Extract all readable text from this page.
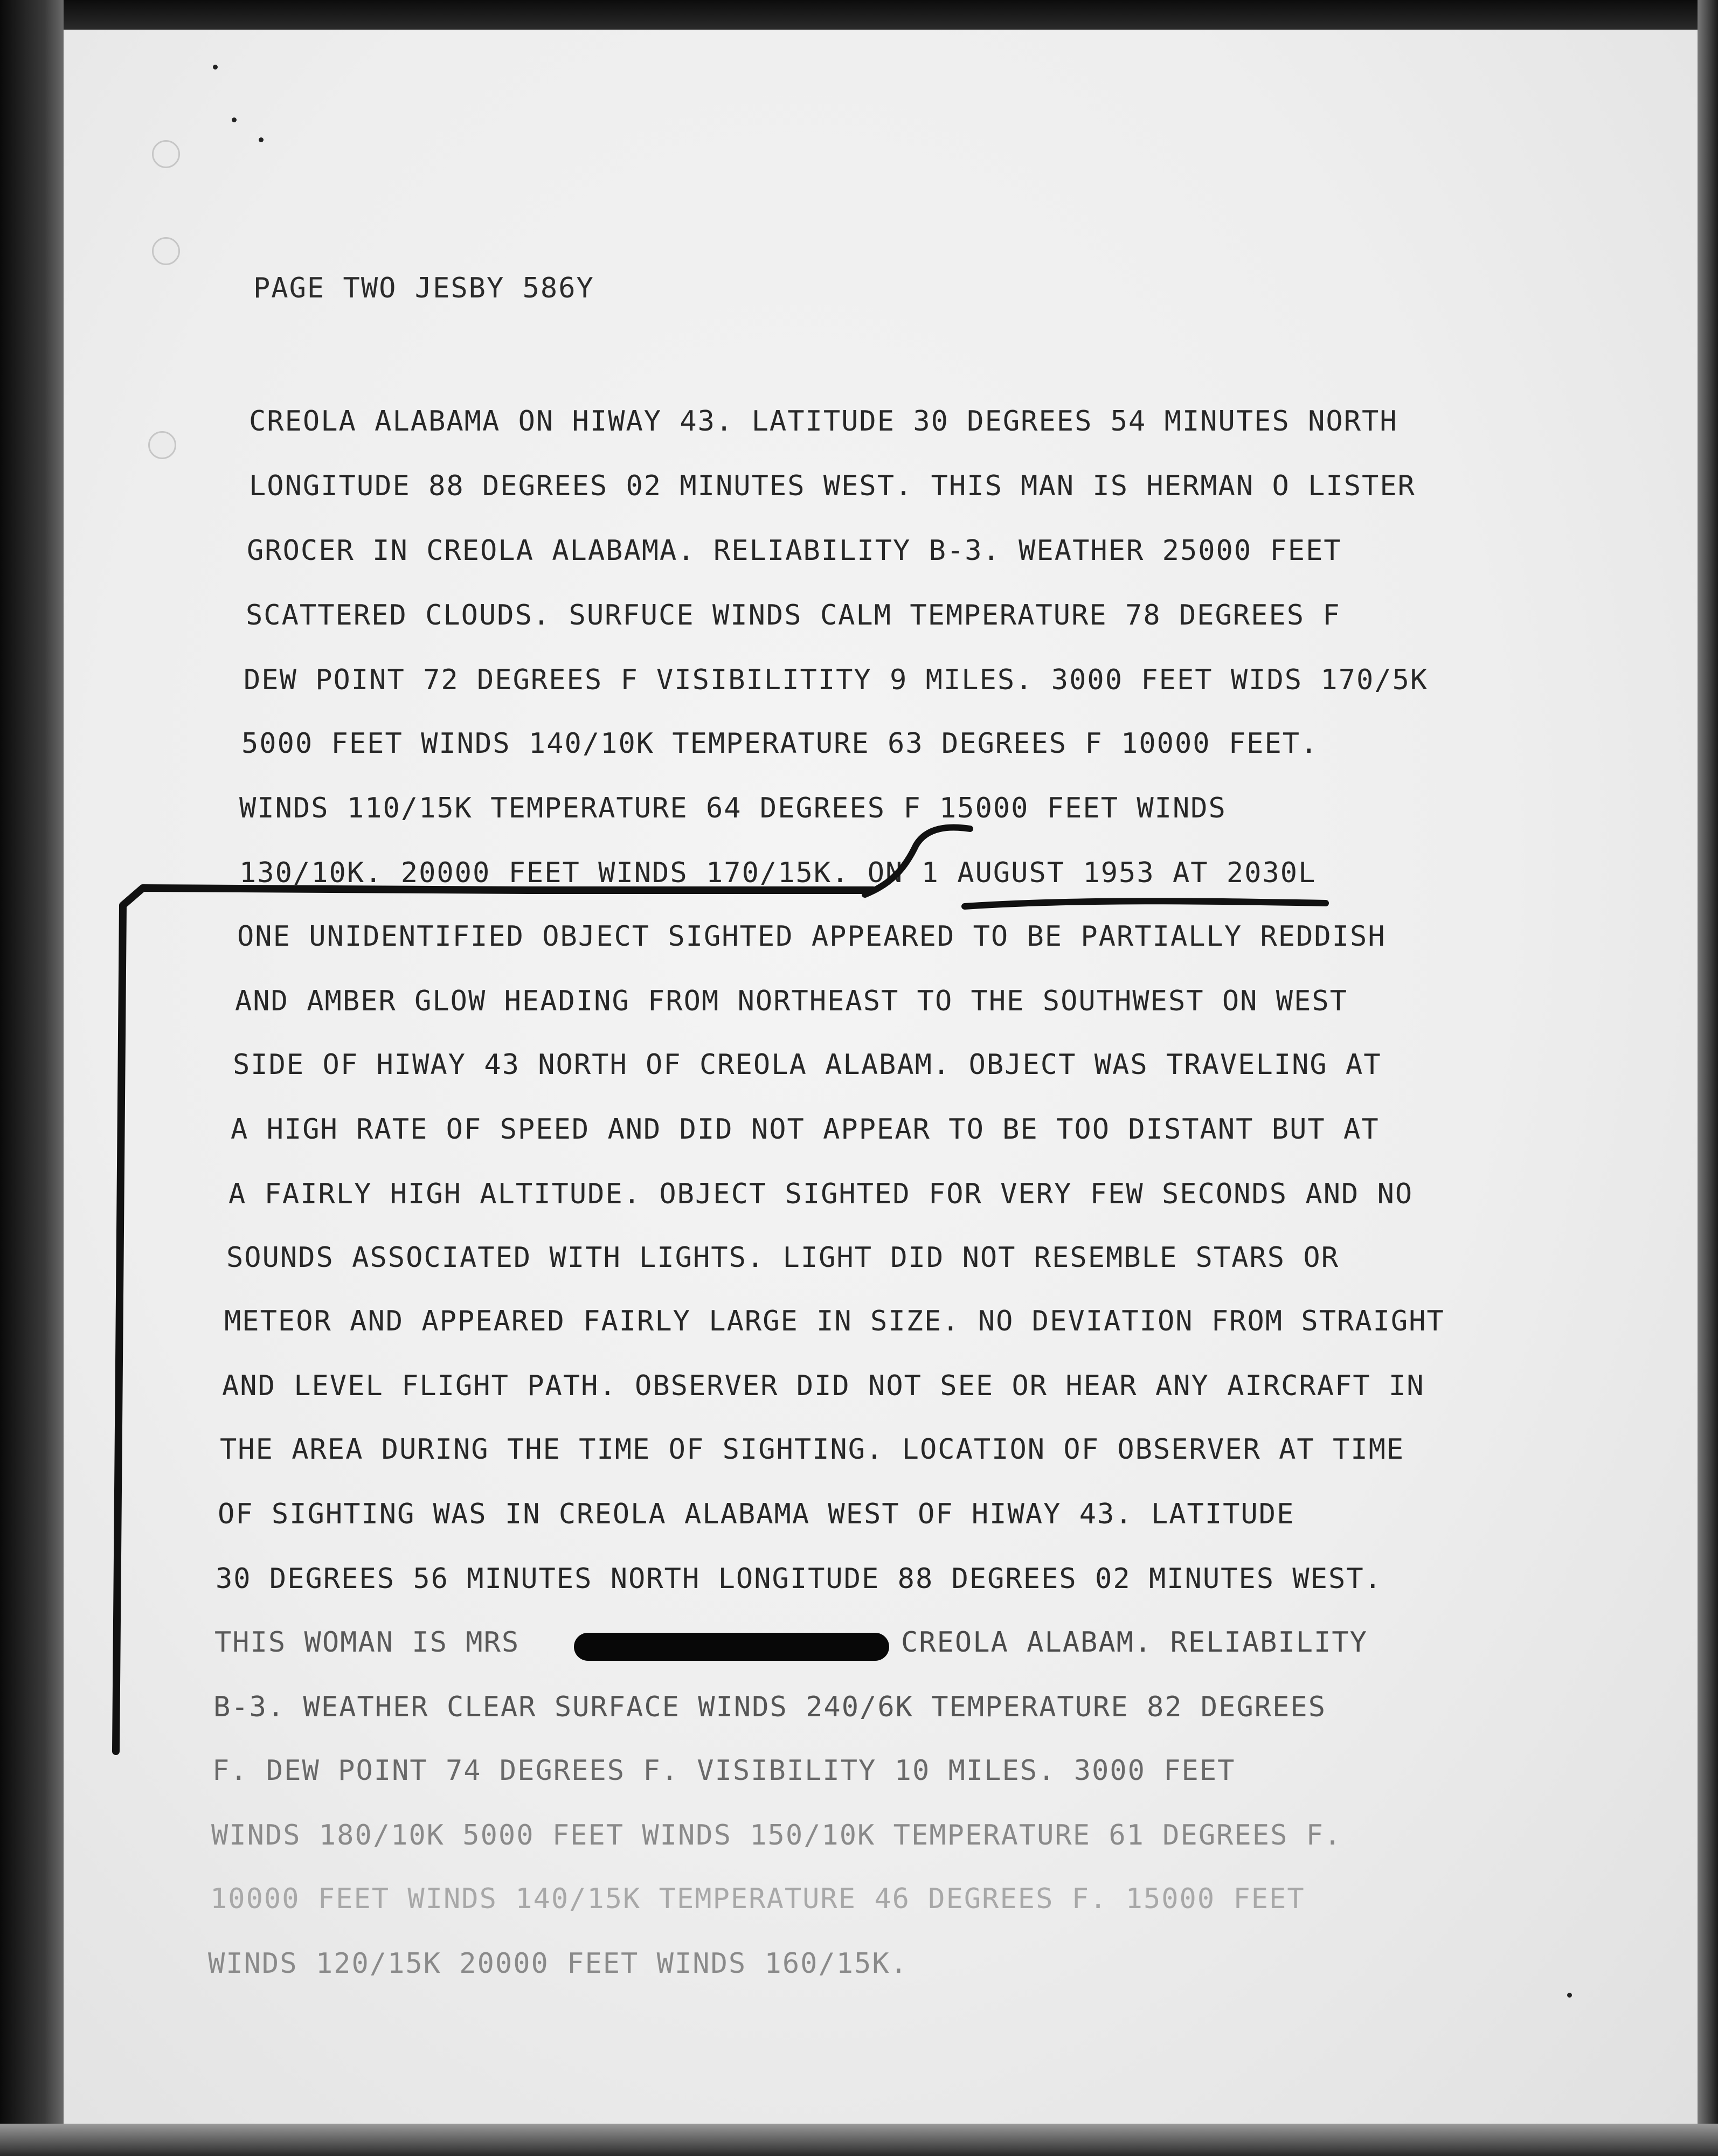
PAGE TWO JESBY 586Y
CREOLA ALABAMA ON HIWAY 43. LATITUDE 30 DEGREES 54 MINUTES NORTH
LONGITUDE 88 DEGREES 02 MINUTES WEST. THIS MAN IS HERMAN O LISTER
GROCER IN CREOLA ALABAMA. RELIABILITY B-3. WEATHER 25000 FEET
SCATTERED CLOUDS. SURFUCE WINDS CALM TEMPERATURE 78 DEGREES F
DEW POINT 72 DEGREES F VISIBILITITY 9 MILES. 3000 FEET WIDS 170/5K
5000 FEET WINDS 140/10K TEMPERATURE 63 DEGREES F 10000 FEET.
WINDS 110/15K TEMPERATURE 64 DEGREES F 15000 FEET WINDS
130/10K. 20000 FEET WINDS 170/15K. ON 1 AUGUST 1953 AT 2030L
ONE UNIDENTIFIED OBJECT SIGHTED APPEARED TO BE PARTIALLY REDDISH
AND AMBER GLOW HEADING FROM NORTHEAST TO THE SOUTHWEST ON WEST
SIDE OF HIWAY 43 NORTH OF CREOLA ALABAM. OBJECT WAS TRAVELING AT
A HIGH RATE OF SPEED AND DID NOT APPEAR TO BE TOO DISTANT BUT AT
A FAIRLY HIGH ALTITUDE. OBJECT SIGHTED FOR VERY FEW SECONDS AND NO
SOUNDS ASSOCIATED WITH LIGHTS. LIGHT DID NOT RESEMBLE STARS OR
METEOR AND APPEARED FAIRLY LARGE IN SIZE. NO DEVIATION FROM STRAIGHT
AND LEVEL FLIGHT PATH. OBSERVER DID NOT SEE OR HEAR ANY AIRCRAFT IN
THE AREA DURING THE TIME OF SIGHTING. LOCATION OF OBSERVER AT TIME
OF SIGHTING WAS IN CREOLA ALABAMA WEST OF HIWAY 43. LATITUDE
30 DEGREES 56 MINUTES NORTH LONGITUDE 88 DEGREES 02 MINUTES WEST.
THIS WOMAN IS MRS	CREOLA ALABAM. RELIABILITY
B-3. WEATHER CLEAR SURFACE WINDS 240/6K TEMPERATURE 82 DEGREES
F. DEW POINT 74 DEGREES F. VISIBILITY 10 MILES. 3000 FEET
WINDS 180/10K 5000 FEET WINDS 150/10K TEMPERATURE 61 DEGREES F.
10000 FEET WINDS 140/15K TEMPERATURE 46 DEGREES F. 15000 FEET
WINDS 120/15K 20000 FEET WINDS 160/15K.
